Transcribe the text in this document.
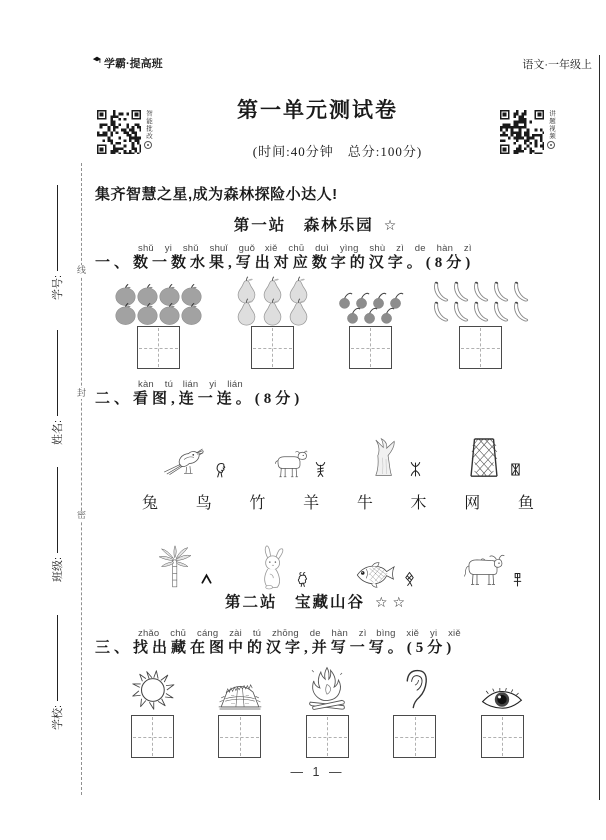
线
封
密
学号:
姓名:
班级:
学校:
学霸·提高班	语文·一年级上
第一单元测试卷
(时间:40分钟　总分:100分)
智能批改	讲题视频
集齐智慧之星,成为森林探险小达人!
第一站　森林乐园 ☆
shǔ yi shǔ shuǐ guǒ　xiě chū duì yìng shù zì de hàn zì
一、数一数水果,写出对应数字的汉字。(8分)
kàn tú　lián yi lián
二、看图,连一连。(8分)
兔 鸟 竹 羊 牛 木 网 鱼
第二站　宝藏山谷 ☆☆
zhǎo chū cáng zài tú zhōng de hàn zì　bìng xiě yi xiě
三、找出藏在图中的汉字,并写一写。(5分)
— 1 —
